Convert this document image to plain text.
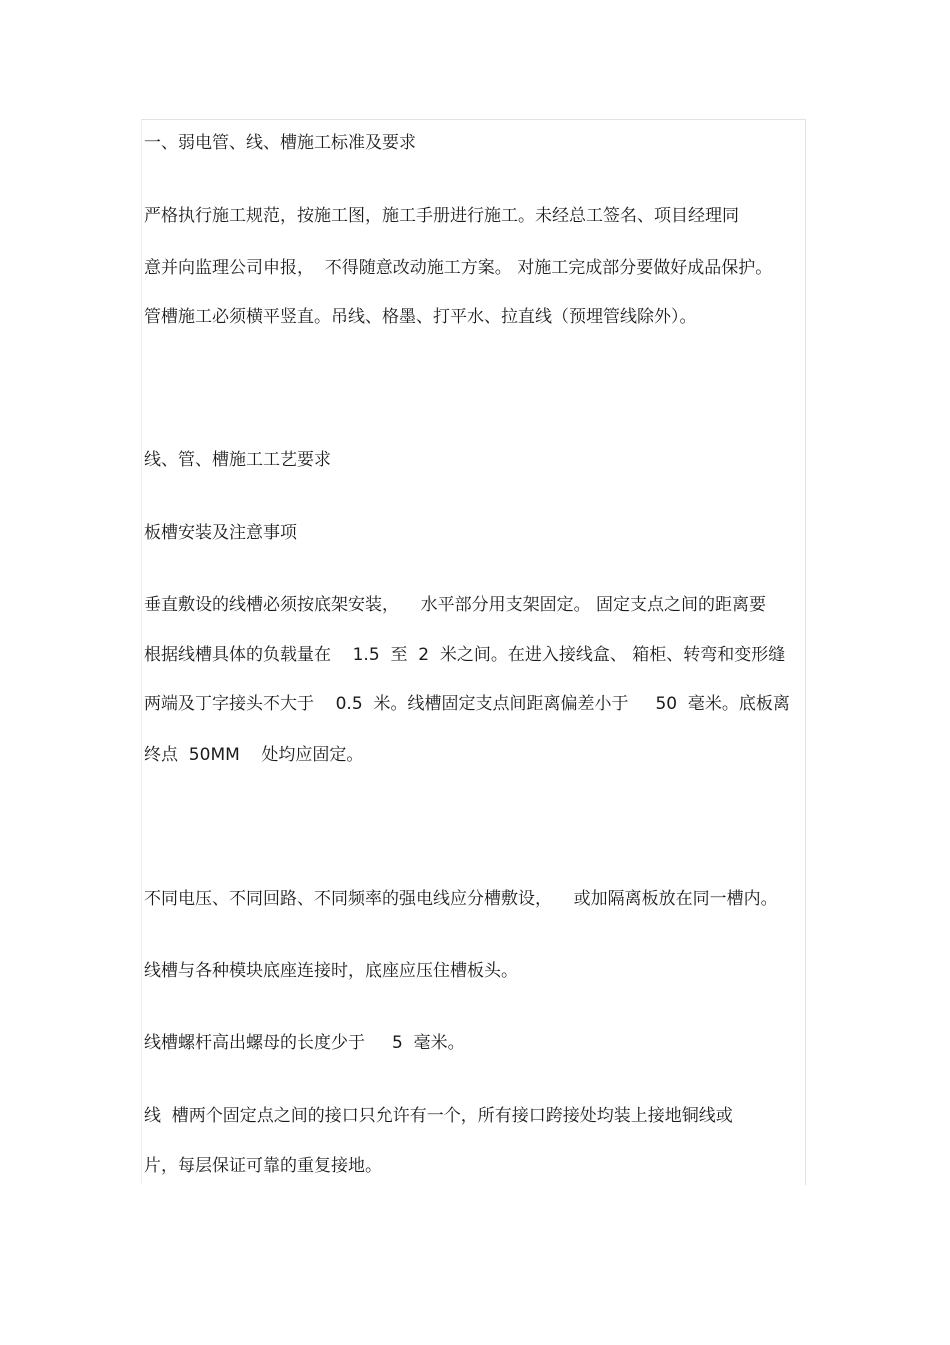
一、弱电管、线、槽施工标准及要求
严格执行施工规范，按施工图，施工手册进行施工。未经总工签名、项目经理同
意并向监理公司申报，  不得随意改动施工方案。 对施工完成部分要做好成品保护。
管槽施工必须横平竖直。吊线、格墨、打平水、拉直线（预埋管线除外）。
线、管、槽施工工艺要求
板槽安装及注意事项
垂直敷设的线槽必须按底架安装，    水平部分用支架固定。 固定支点之间的距离要
根据线槽具体的负载量在    1.5  至  2  米之间。在进入接线盒、 箱柜、转弯和变形缝
两端及丁字接头不大于    0.5  米。线槽固定支点间距离偏差小于     50  毫米。底板离
终点  50MM    处均应固定。
不同电压、不同回路、不同频率的强电线应分槽敷设，    或加隔离板放在同一槽内。
线槽与各种模块底座连接时，底座应压住槽板头。
线槽螺杆高出螺母的长度少于     5  毫米。
线  槽两个固定点之间的接口只允许有一个，所有接口跨接处均装上接地铜线或
片，每层保证可靠的重复接地。
